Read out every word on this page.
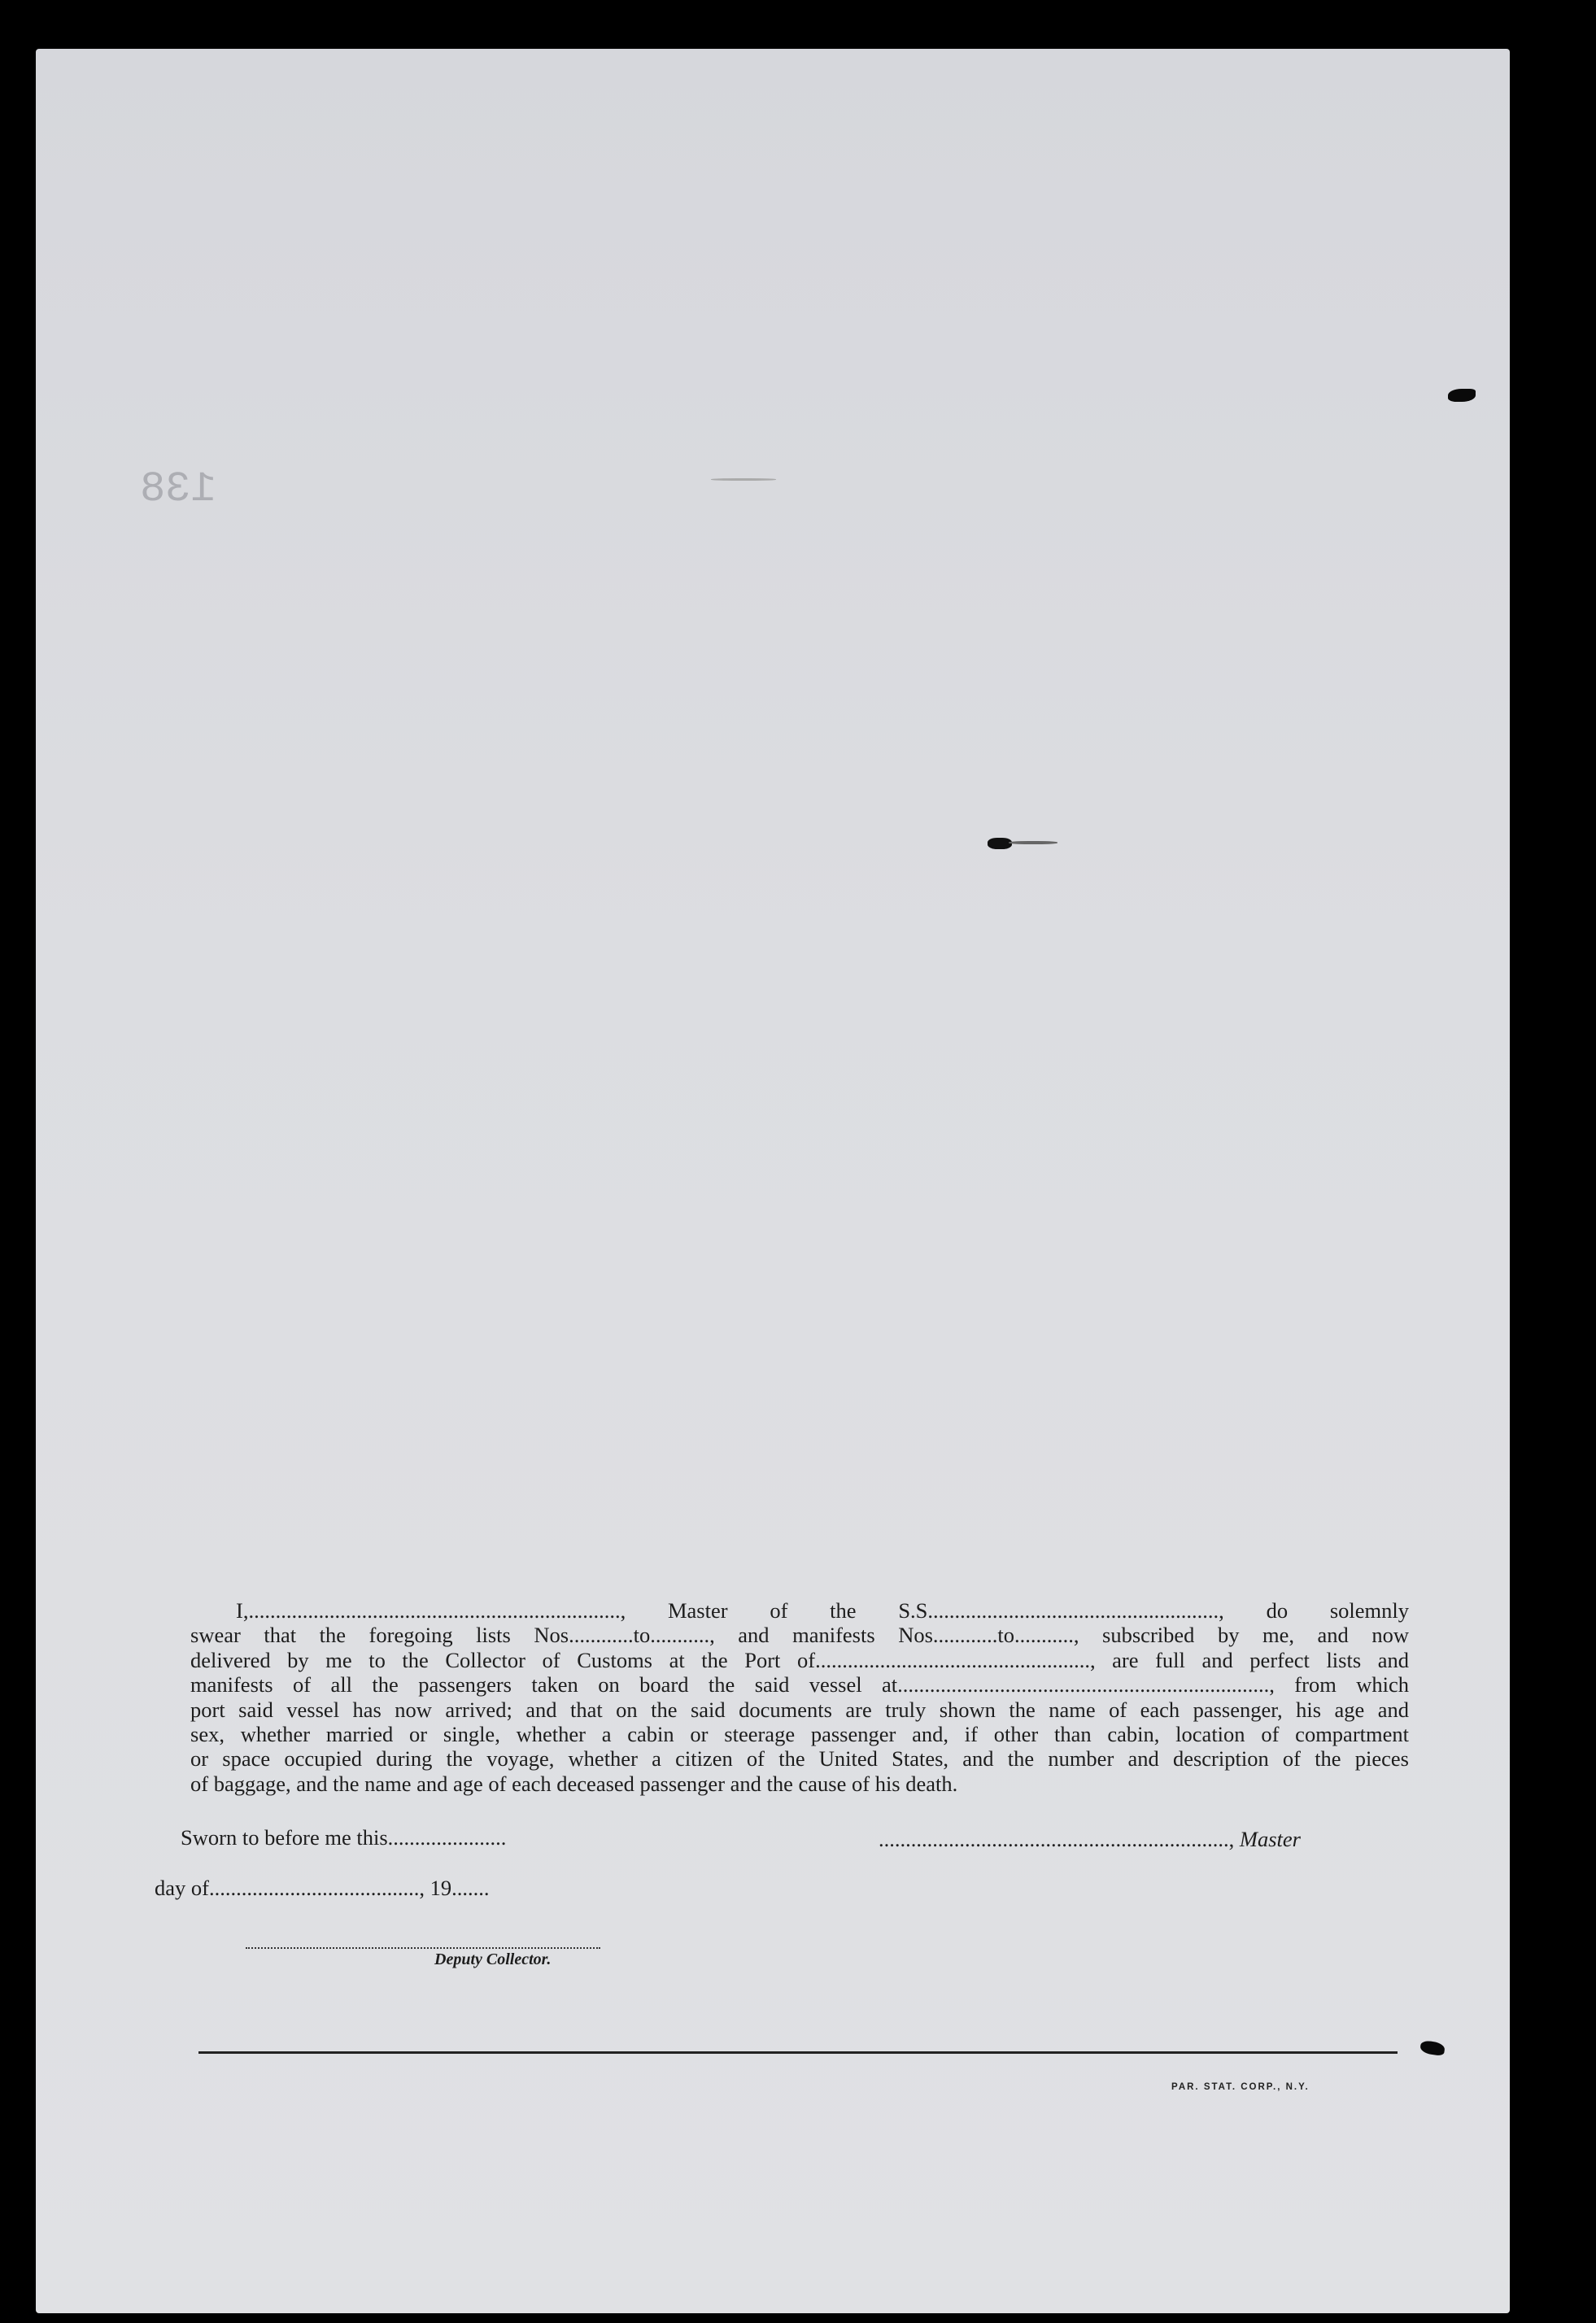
138
I,....................................................................., Master of the S.S......................................................, do solemnly
swear that the foregoing lists Nos............to..........., and manifests Nos............to..........., subscribed by me, and now
delivered by me to the Collector of Customs at the Port of..................................................., are full and perfect lists and
manifests of all the passengers taken on board the said vessel at....................................................................., from which
port said vessel has now arrived; and that on the said documents are truly shown the name of each passenger, his age and
sex, whether married or single, whether a cabin or steerage passenger and, if other than cabin, location of compartment
or space occupied during the voyage, whether a citizen of the United States, and the number and description of the pieces
of baggage, and the name and age of each deceased passenger and the cause of his death.
Sworn to before me this......................	................................................................., Master
day of......................................., 19.......
Deputy Collector.
PAR. STAT. CORP., N.Y.
